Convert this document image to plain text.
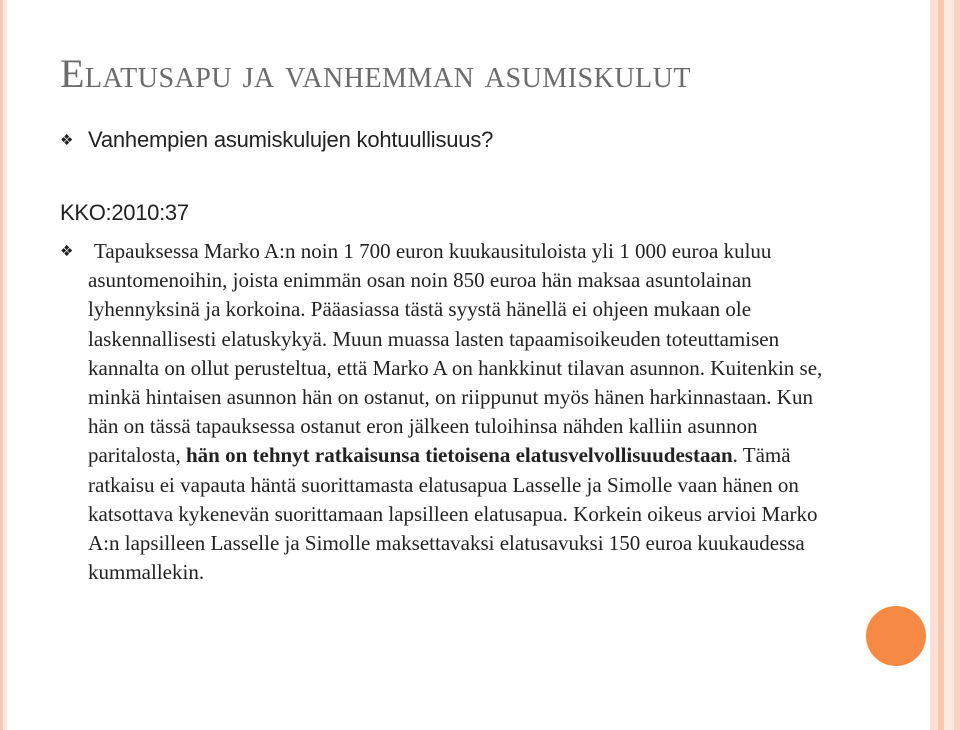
Elatusapu ja vanhemman asumiskulut
❖ Vanhempien asumiskulujen kohtuullisuus?
KKO:2010:37
❖ Tapauksessa Marko A:n noin 1 700 euron kuukausituloista yli 1 000 euroa kuluu asuntomenoihin, joista enimmän osan noin 850 euroa hän maksaa asuntolainan lyhennyksinä ja korkoina. Pääasiassa tästä syystä hänellä ei ohjeen mukaan ole laskennallisesti elatuskykyä. Muun muassa lasten tapaamisoikeuden toteuttamisen kannalta on ollut perusteltua, että Marko A on hankkinut tilavan asunnon. Kuitenkin se, minkä hintaisen asunnon hän on ostanut, on riippunut myös hänen harkinnastaan. Kun hän on tässä tapauksessa ostanut eron jälkeen tuloihinsa nähden kalliin asunnon paritalosta, hän on tehnyt ratkaisunsa tietoisena elatusvelvollisuudestaan. Tämä ratkaisu ei vapauta häntä suorittamasta elatusapua Lasselle ja Simolle vaan hänen on katsottava kykenevän suorittamaan lapsilleen elatusapua. Korkein oikeus arvioi Marko A:n lapsilleen Lasselle ja Simolle maksettavaksi elatusavuksi 150 euroa kuukaudessa kummallekin.
